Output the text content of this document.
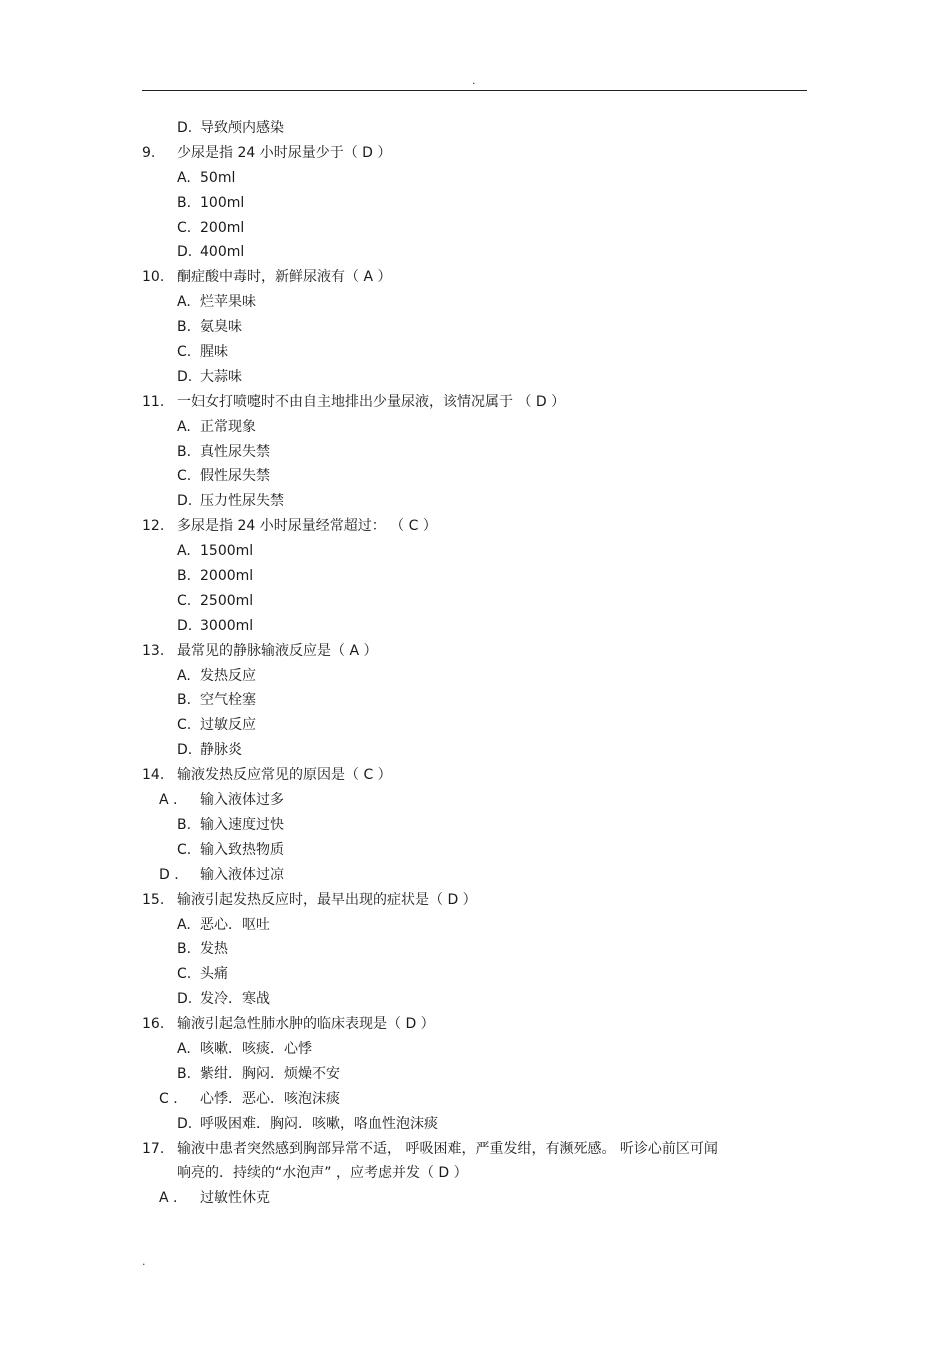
.
D. 导致颅内感染
9. 少尿是指 24 小时尿量少于（ D ）
A. 50ml
B. 100ml
C. 200ml
D. 400ml
10. 酮症酸中毒时，新鲜尿液有（ A ）
A. 烂苹果味
B. 氨臭味
C. 腥味
D. 大蒜味
11. 一妇女打喷嚏时不由自主地排出少量尿液，该情况属于 （ D ）
A. 正常现象
B. 真性尿失禁
C. 假性尿失禁
D. 压力性尿失禁
12. 多尿是指 24 小时尿量经常超过： （ C ）
A. 1500ml
B. 2000ml
C. 2500ml
D. 3000ml
13. 最常见的静脉输液反应是（ A ）
A. 发热反应
B. 空气栓塞
C. 过敏反应
D. 静脉炎
14. 输液发热反应常见的原因是（ C ）
A . 输入液体过多
B. 输入速度过快
C. 输入致热物质
D . 输入液体过凉
15. 输液引起发热反应时，最早出现的症状是（ D ）
A. 恶心．呕吐
B. 发热
C. 头痛
D. 发冷．寒战
16. 输液引起急性肺水肿的临床表现是（ D ）
A. 咳嗽．咳痰．心悸
B. 紫绀．胸闷．烦燥不安
C . 心悸．恶心．咳泡沫痰
D. 呼吸困难．胸闷．咳嗽，咯血性泡沫痰
17. 输液中患者突然感到胸部异常不适， 呼吸困难，严重发绀，有濒死感。 听诊心前区可闻
响亮的．持续的“水泡声” ，应考虑并发（ D ）
A . 过敏性休克
.
